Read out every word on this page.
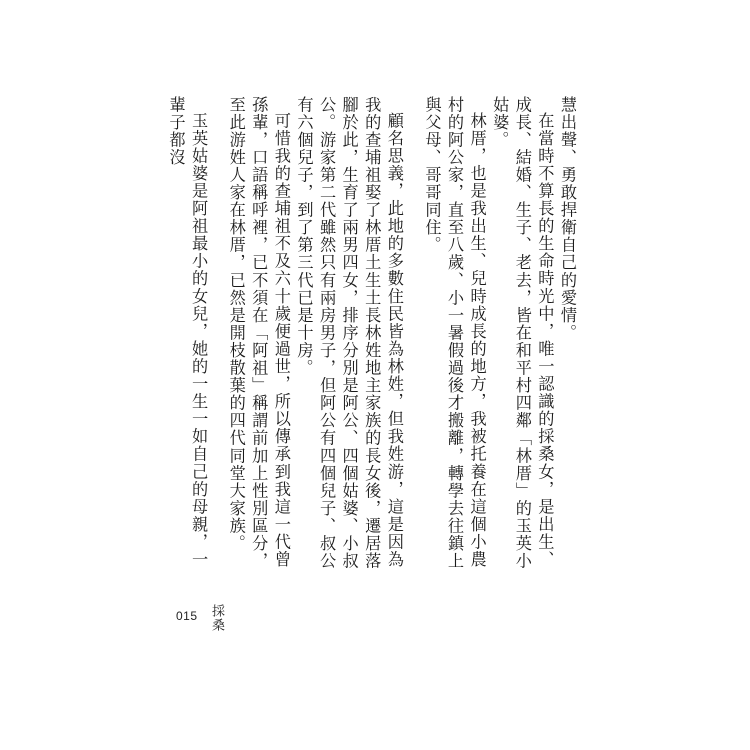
慧出聲、勇敢捍衛自己的愛情。

在當時不算長的生命時光中，唯一認識的採桑女，是出生、成長、結婚、生子、老去，皆在和平村四鄰「林厝」的玉英小姑婆。

林厝，也是我出生、兒時成長的地方，我被托養在這個小農村的阿公家，直至八歲、小一暑假過後才搬離，轉學去往鎮上與父母、哥哥同住。

顧名思義，此地的多數住民皆為林姓，但我姓游，這是因為我的查埔祖娶了林厝土生土長林姓地主家族的長女後，遷居落腳於此，生育了兩男四女，排序分別是阿公、四個姑婆、小叔公。游家第二代雖然只有兩房男子，但阿公有四個兒子、叔公有六個兒子，到了第三代已是十房。

可惜我的查埔祖不及六十歲便過世，所以傳承到我這一代曾孫輩，口語稱呼裡，已不須在「阿祖」稱謂前加上性別區分，至此游姓人家在林厝，已然是開枝散葉的四代同堂大家族。

玉英姑婆是阿祖最小的女兒，她的一生一如自己的母親，一輩子都沒

015 採桑
